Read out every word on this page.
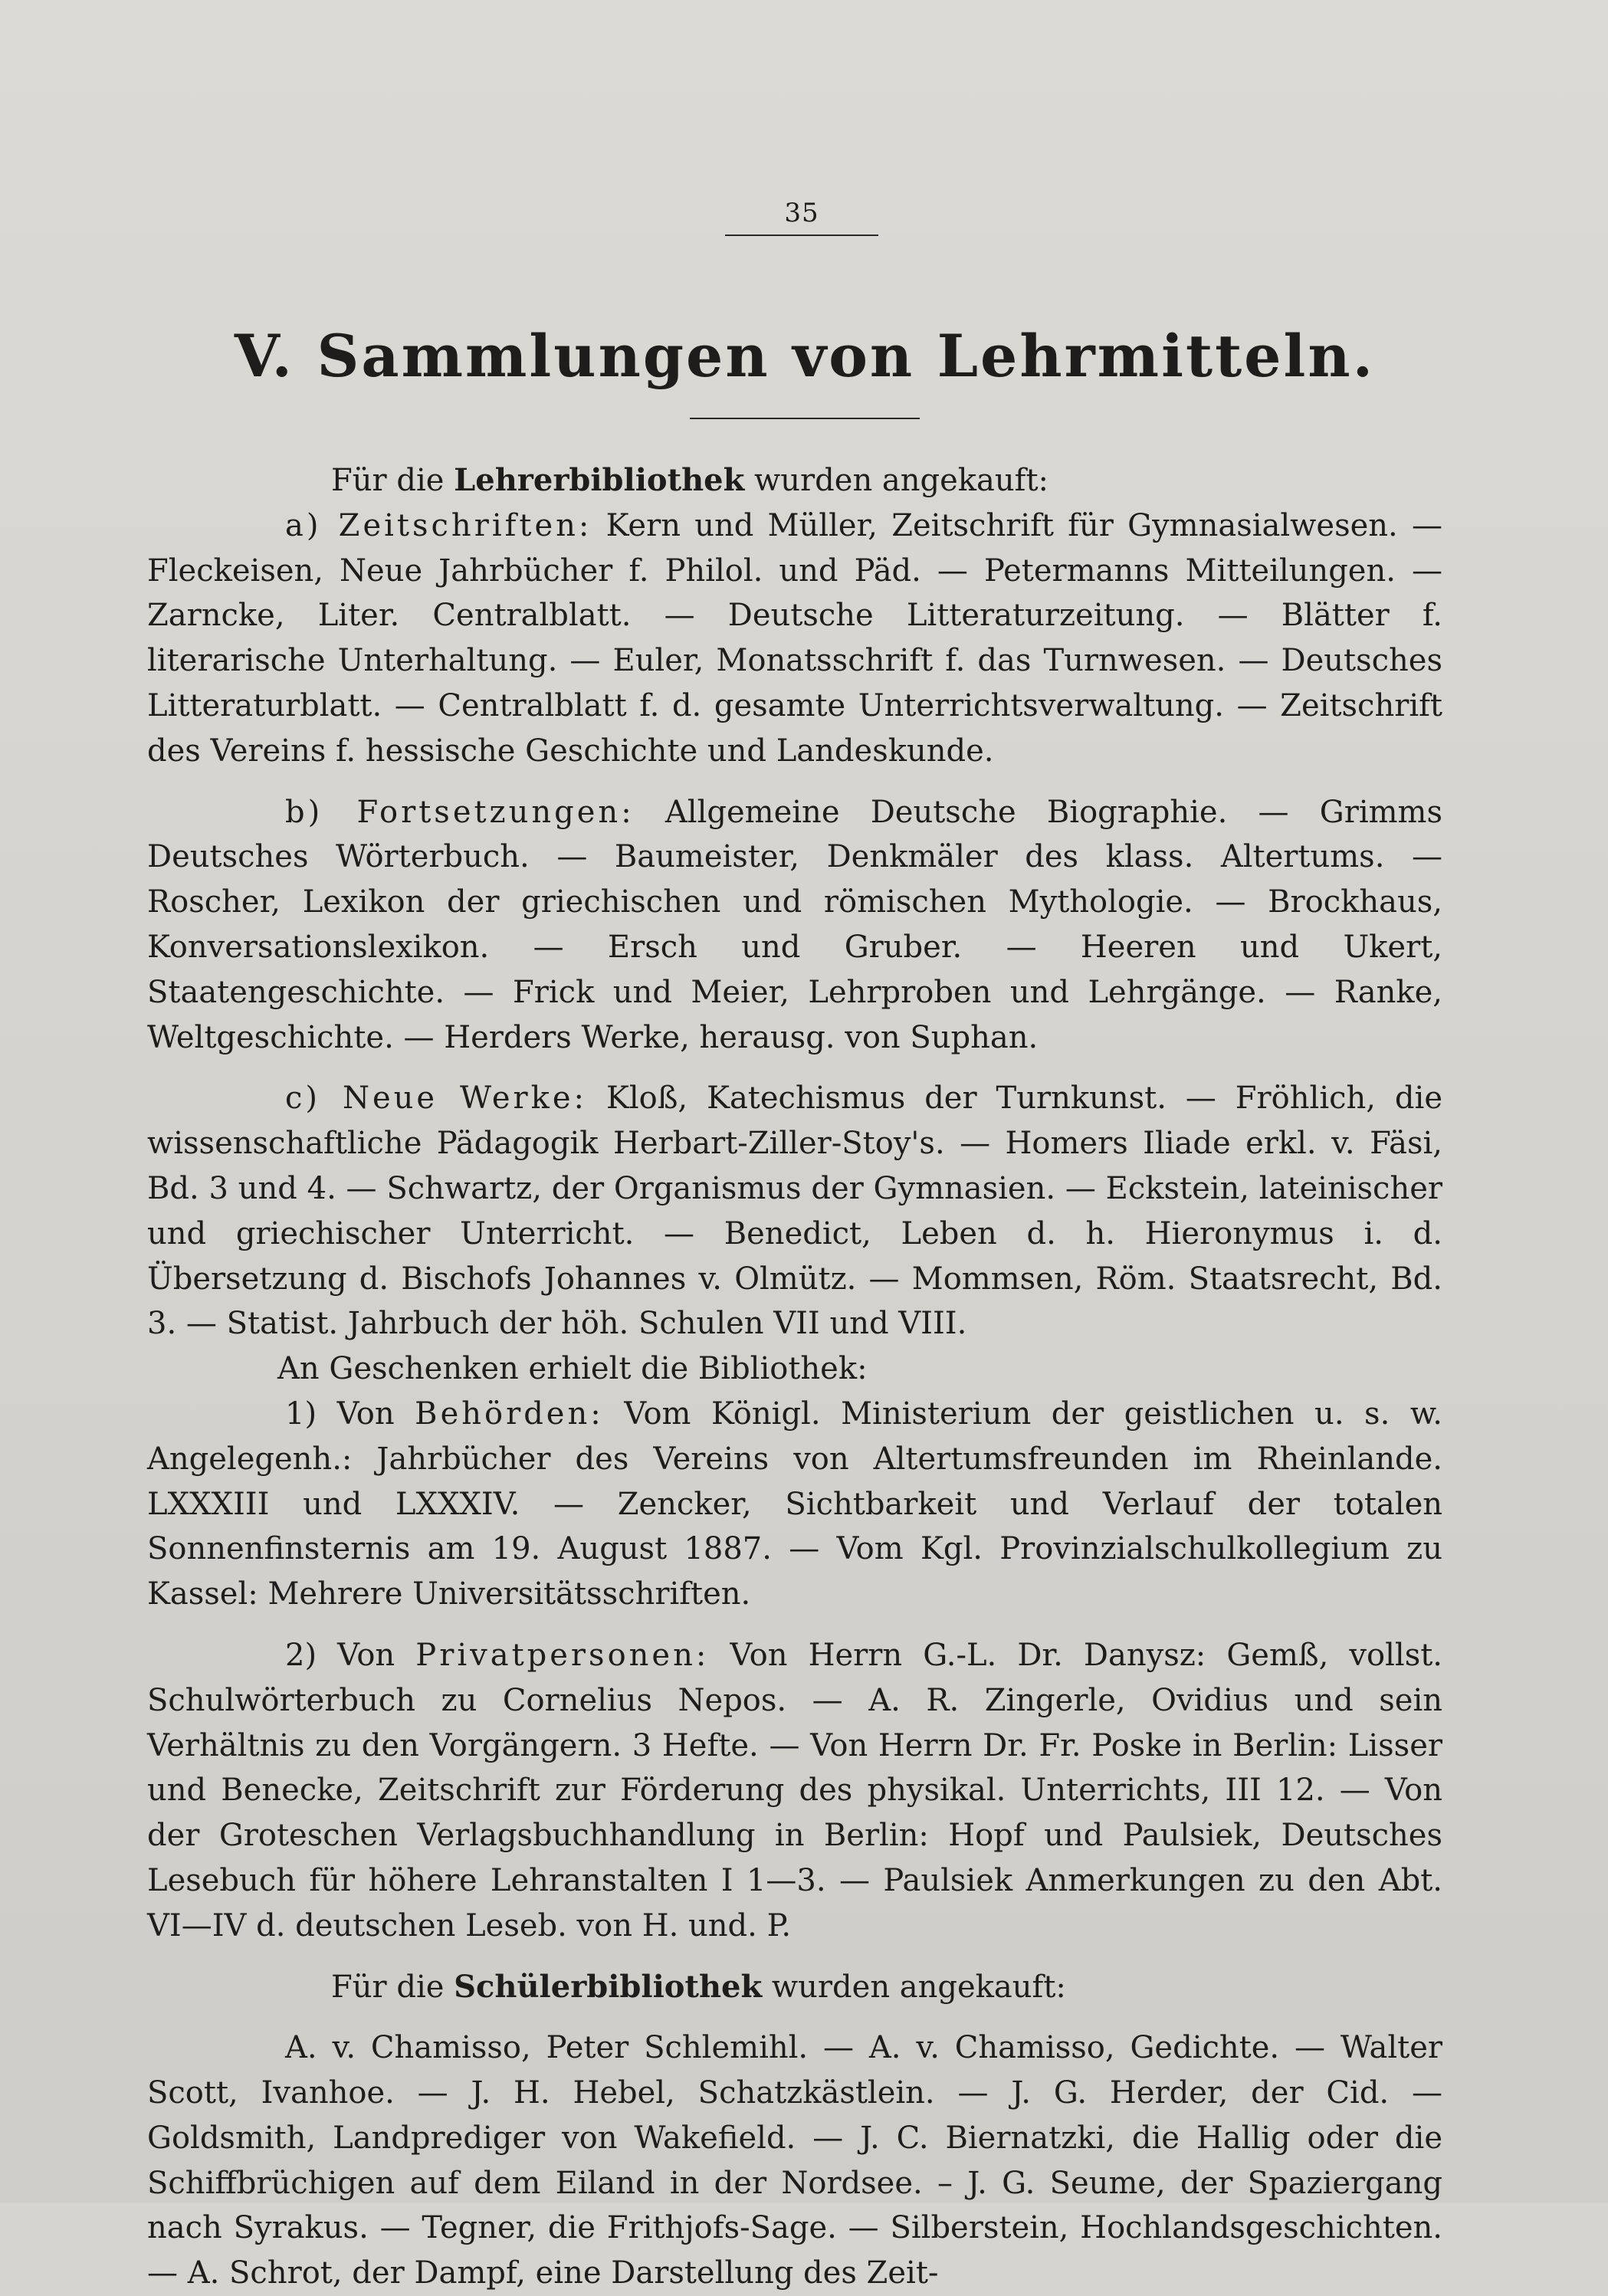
35
V. Sammlungen von Lehrmitteln.

Für die Lehrerbibliothek wurden angekauft:

a) Zeitschriften: Kern und Müller, Zeitschrift für Gymnasialwesen. — Fleckeisen, Neue Jahrbücher f. Philol. und Päd. — Petermanns Mitteilungen. — Zarncke, Liter. Centralblatt. — Deutsche Litteraturzeitung. — Blätter f. literarische Unterhaltung. — Euler, Monatsschrift f. das Turnwesen. — Deutsches Litteraturblatt. — Centralblatt f. d. gesamte Unterrichtsverwaltung. — Zeitschrift des Vereins f. hessische Geschichte und Landeskunde.

b) Fortsetzungen: Allgemeine Deutsche Biographie. — Grimms Deutsches Wörterbuch. — Baumeister, Denkmäler des klass. Altertums. — Roscher, Lexikon der griechischen und römischen Mythologie. — Brockhaus, Konversationslexikon. — Ersch und Gruber. — Heeren und Ukert, Staatengeschichte. — Frick und Meier, Lehrproben und Lehrgänge. — Ranke, Weltgeschichte. — Herders Werke, herausg. von Suphan.

c) Neue Werke: Kloß, Katechismus der Turnkunst. — Fröhlich, die wissenschaftliche Pädagogik Herbart-Ziller-Stoy's. — Homers Iliade erkl. v. Fäsi, Bd. 3 und 4. — Schwartz, der Organismus der Gymnasien. — Eckstein, lateinischer und griechischer Unterricht. — Benedict, Leben d. h. Hieronymus i. d. Übersetzung d. Bischofs Johannes v. Olmütz. — Mommsen, Röm. Staatsrecht, Bd. 3. — Statist. Jahrbuch der höh. Schulen VII und VIII.

An Geschenken erhielt die Bibliothek:

1) Von Behörden: Vom Königl. Ministerium der geistlichen u. s. w. Angelegenh.: Jahrbücher des Vereins von Altertumsfreunden im Rheinlande. LXXXIII und LXXXIV. — Zencker, Sichtbarkeit und Verlauf der totalen Sonnenfinsternis am 19. August 1887. — Vom Kgl. Provinzialschulkollegium zu Kassel: Mehrere Universitätsschriften.

2) Von Privatpersonen: Von Herrn G.-L. Dr. Danysz: Gemß, vollst. Schulwörterbuch zu Cornelius Nepos. — A. R. Zingerle, Ovidius und sein Verhältnis zu den Vorgängern. 3 Hefte. — Von Herrn Dr. Fr. Poske in Berlin: Lisser und Benecke, Zeitschrift zur Förderung des physikal. Unterrichts, III 12. — Von der Groteschen Verlagsbuchhandlung in Berlin: Hopf und Paulsiek, Deutsches Lesebuch für höhere Lehranstalten I 1—3. — Paulsiek Anmerkungen zu den Abt. VI—IV d. deutschen Leseb. von H. und. P.

Für die Schülerbibliothek wurden angekauft:

A. v. Chamisso, Peter Schlemihl. — A. v. Chamisso, Gedichte. — Walter Scott, Ivanhoe. — J. H. Hebel, Schatzkästlein. — J. G. Herder, der Cid. — Goldsmith, Landprediger von Wakefield. — J. C. Biernatzki, die Hallig oder die Schiffbrüchigen auf dem Eiland in der Nordsee. – J. G. Seume, der Spaziergang nach Syrakus. — Tegner, die Frithjofs-Sage. — Silberstein, Hochlandsgeschichten. — A. Schrot, der Dampf, eine Darstellung des Zeit-
